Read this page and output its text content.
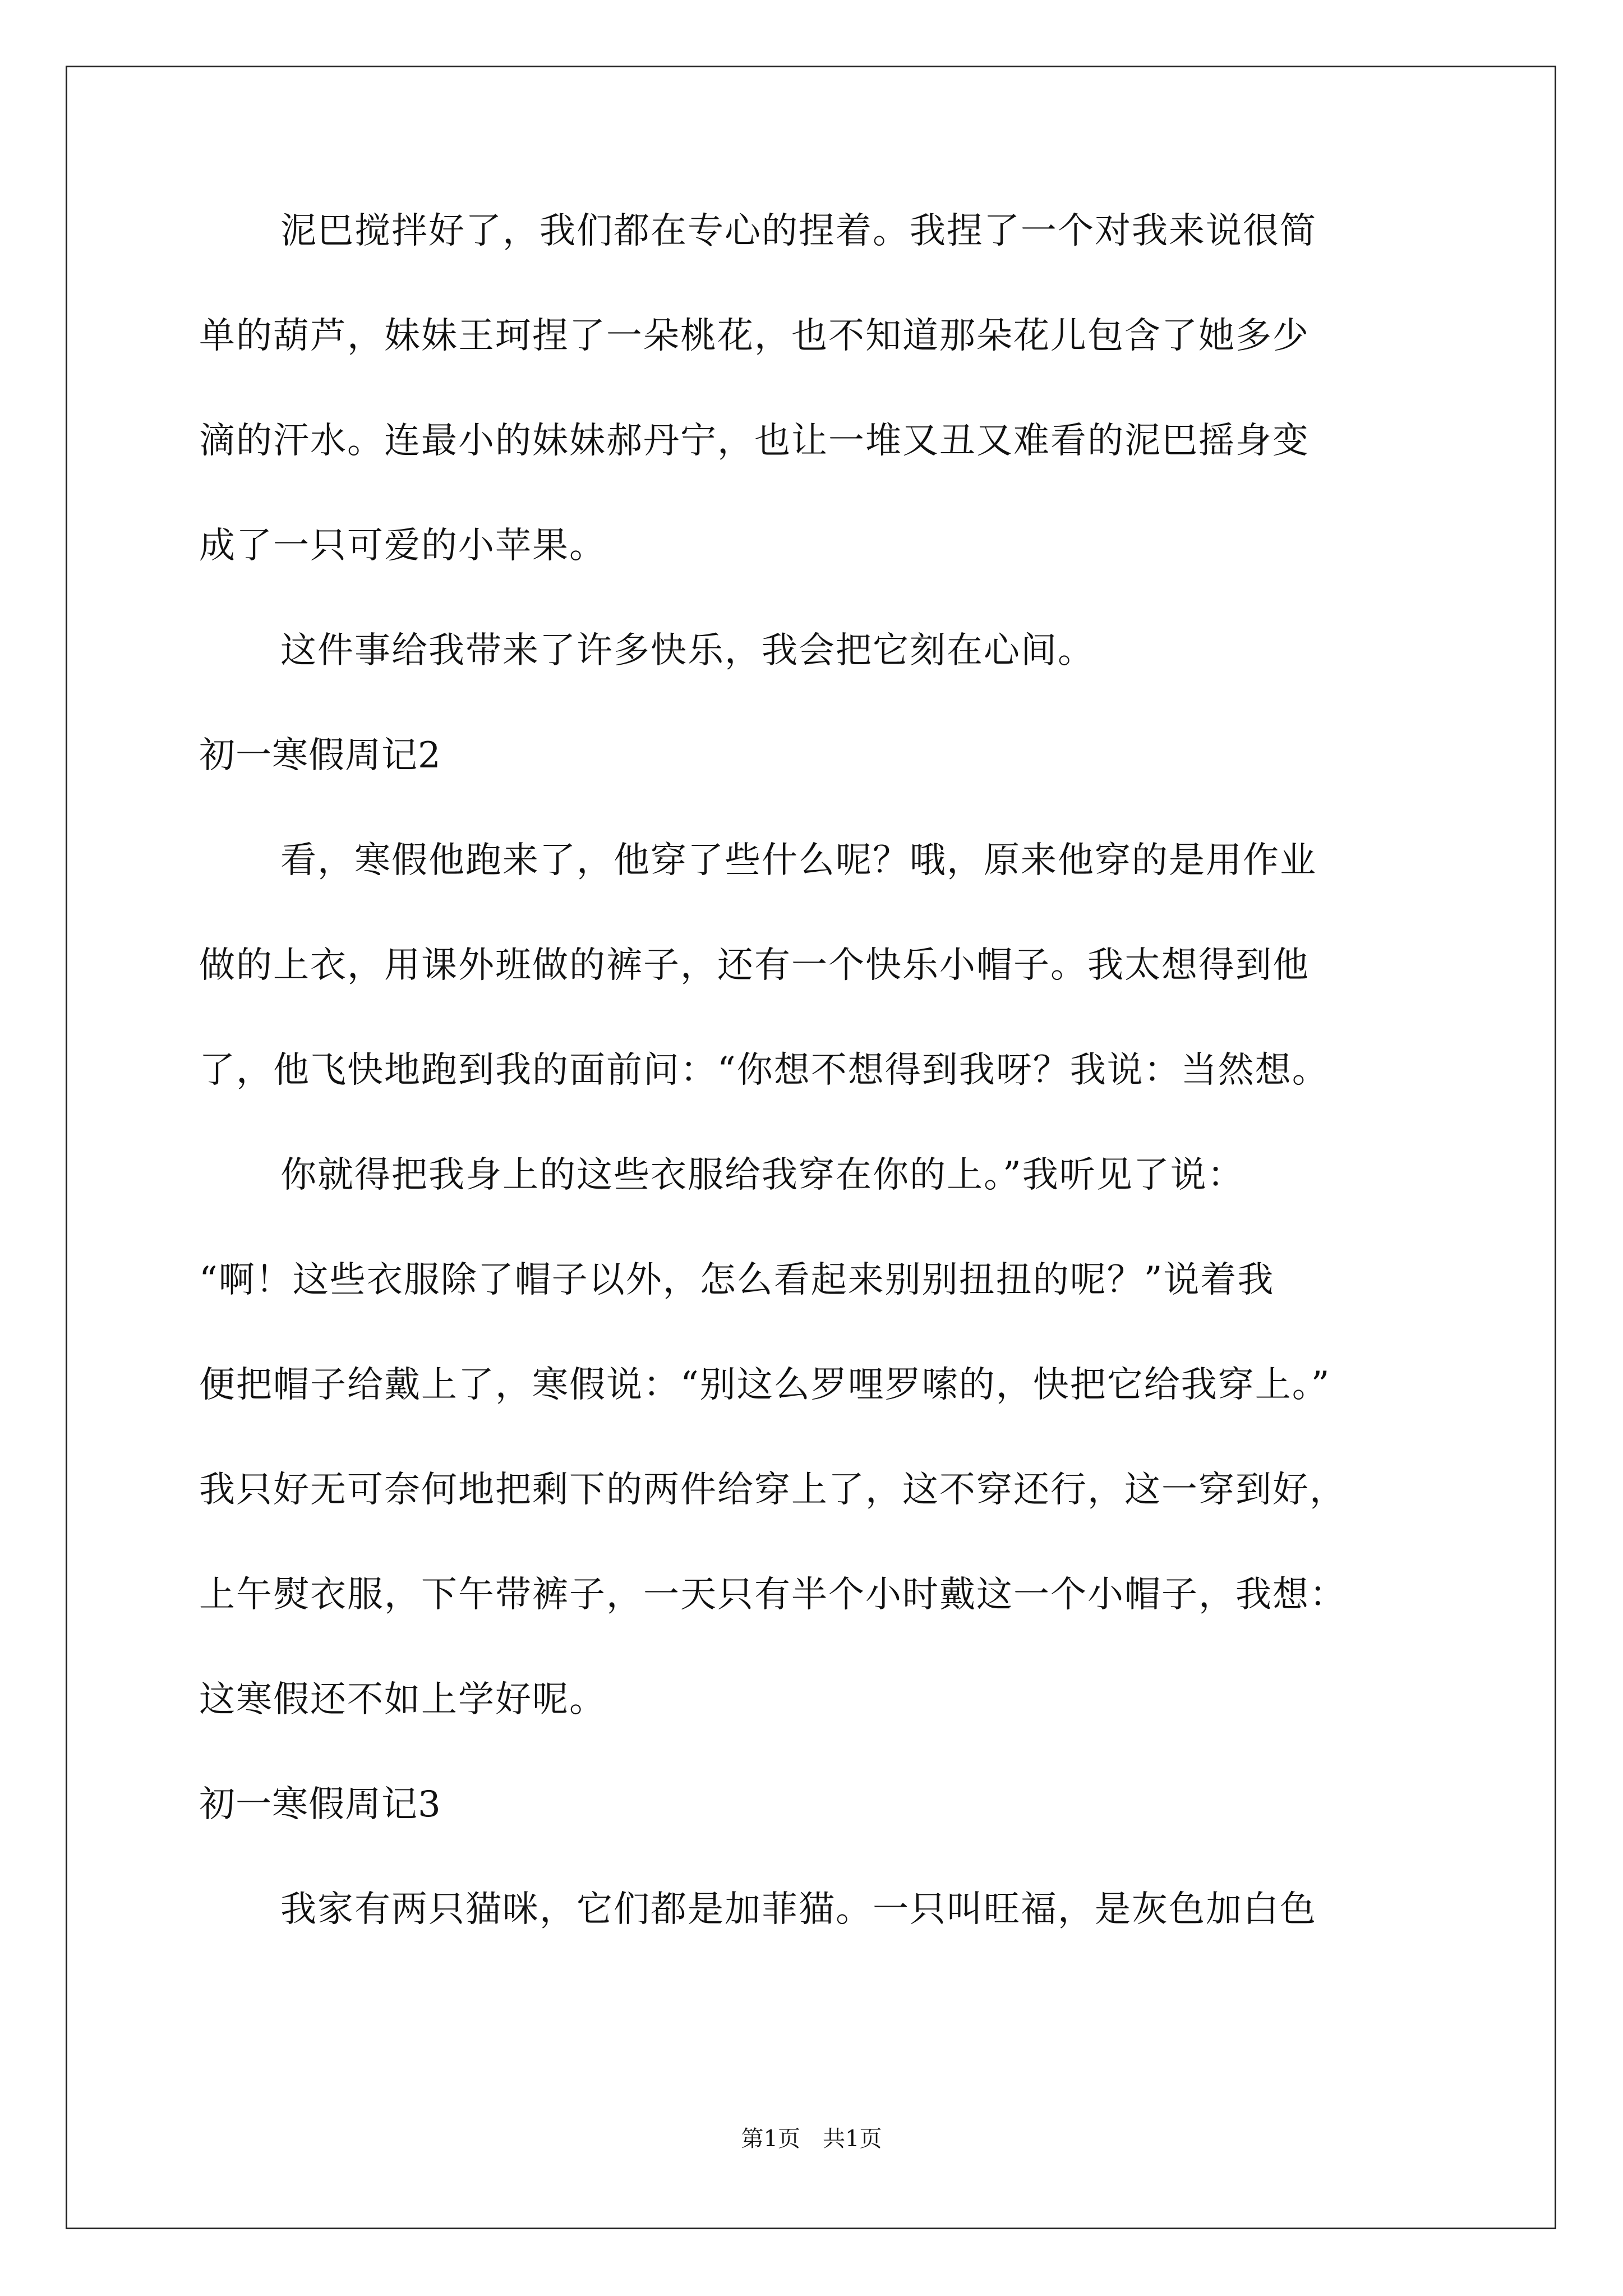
泥巴搅拌好了，我们都在专心的捏着。我捏了一个对我来说很简

单的葫芦，妹妹王珂捏了一朵桃花，也不知道那朵花儿包含了她多少

滴的汗水。连最小的妹妹郝丹宁，也让一堆又丑又难看的泥巴摇身变

成了一只可爱的小苹果。

这件事给我带来了许多快乐，我会把它刻在心间。

初一寒假周记2

看，寒假他跑来了，他穿了些什么呢？哦，原来他穿的是用作业

做的上衣，用课外班做的裤子，还有一个快乐小帽子。我太想得到他

了，他飞快地跑到我的面前问：“你想不想得到我呀？我说：当然想。

你就得把我身上的这些衣服给我穿在你的上。”我听见了说：

“啊！这些衣服除了帽子以外，怎么看起来别别扭扭的呢？”说着我

便把帽子给戴上了，寒假说：“别这么罗哩罗嗦的，快把它给我穿上。”

我只好无可奈何地把剩下的两件给穿上了，这不穿还行，这一穿到好，

上午熨衣服，下午带裤子，一天只有半个小时戴这一个小帽子，我想：

这寒假还不如上学好呢。

初一寒假周记3

我家有两只猫咪，它们都是加菲猫。一只叫旺福，是灰色加白色

第1页　共1页
